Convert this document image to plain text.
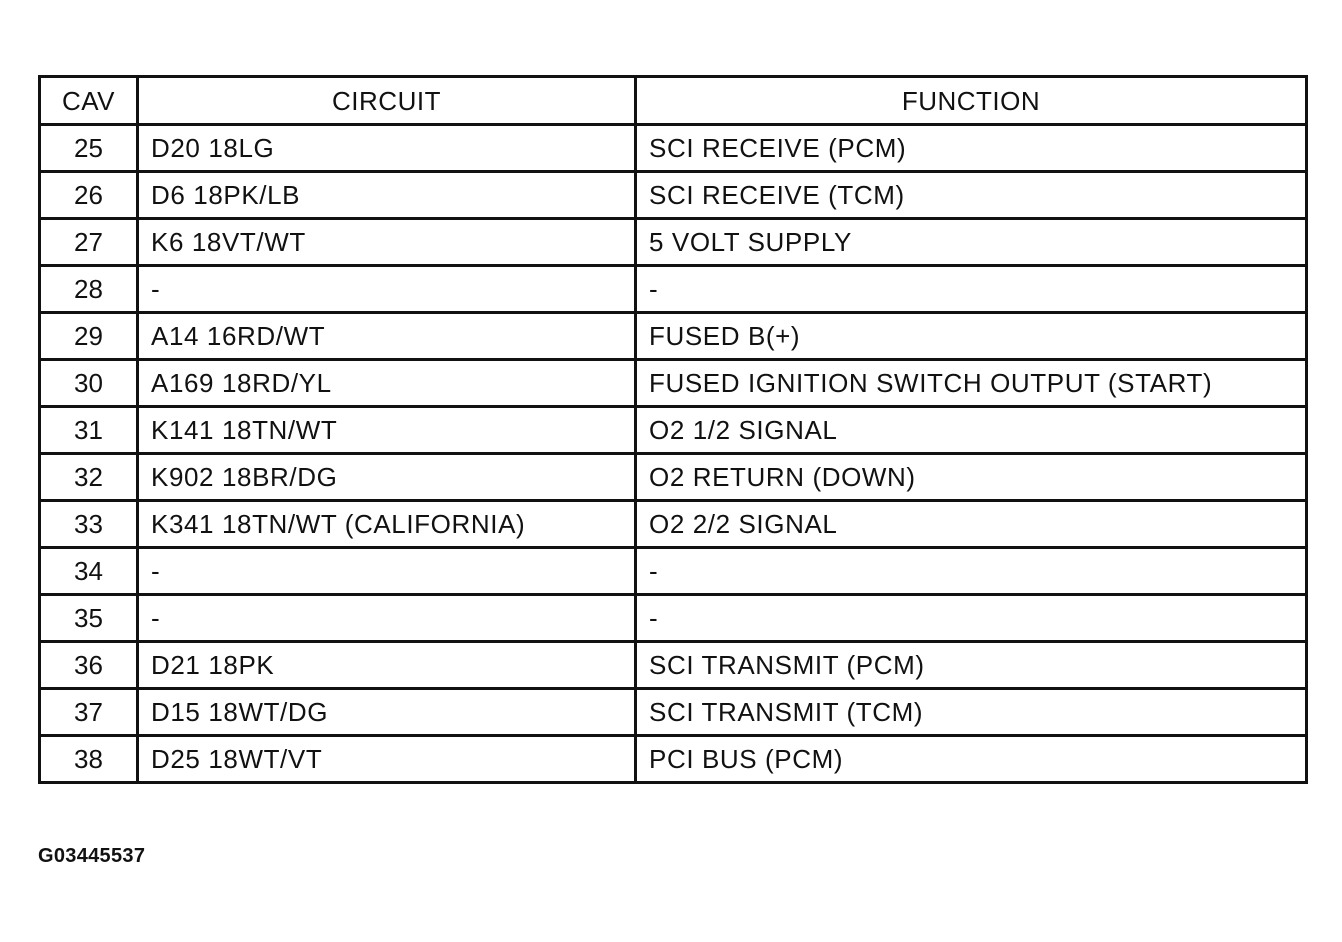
CAV	CIRCUIT	FUNCTION
25	D20 18LG	SCI RECEIVE (PCM)
26	D6 18PK/LB	SCI RECEIVE (TCM)
27	K6 18VT/WT	5 VOLT SUPPLY
28	-	-
29	A14 16RD/WT	FUSED B(+)
30	A169 18RD/YL	FUSED IGNITION SWITCH OUTPUT (START)
31	K141 18TN/WT	O2 1/2 SIGNAL
32	K902 18BR/DG	O2 RETURN (DOWN)
33	K341 18TN/WT (CALIFORNIA)	O2 2/2 SIGNAL
34	-	-
35	-	-
36	D21 18PK	SCI TRANSMIT (PCM)
37	D15 18WT/DG	SCI TRANSMIT (TCM)
38	D25 18WT/VT	PCI BUS (PCM)
G03445537
